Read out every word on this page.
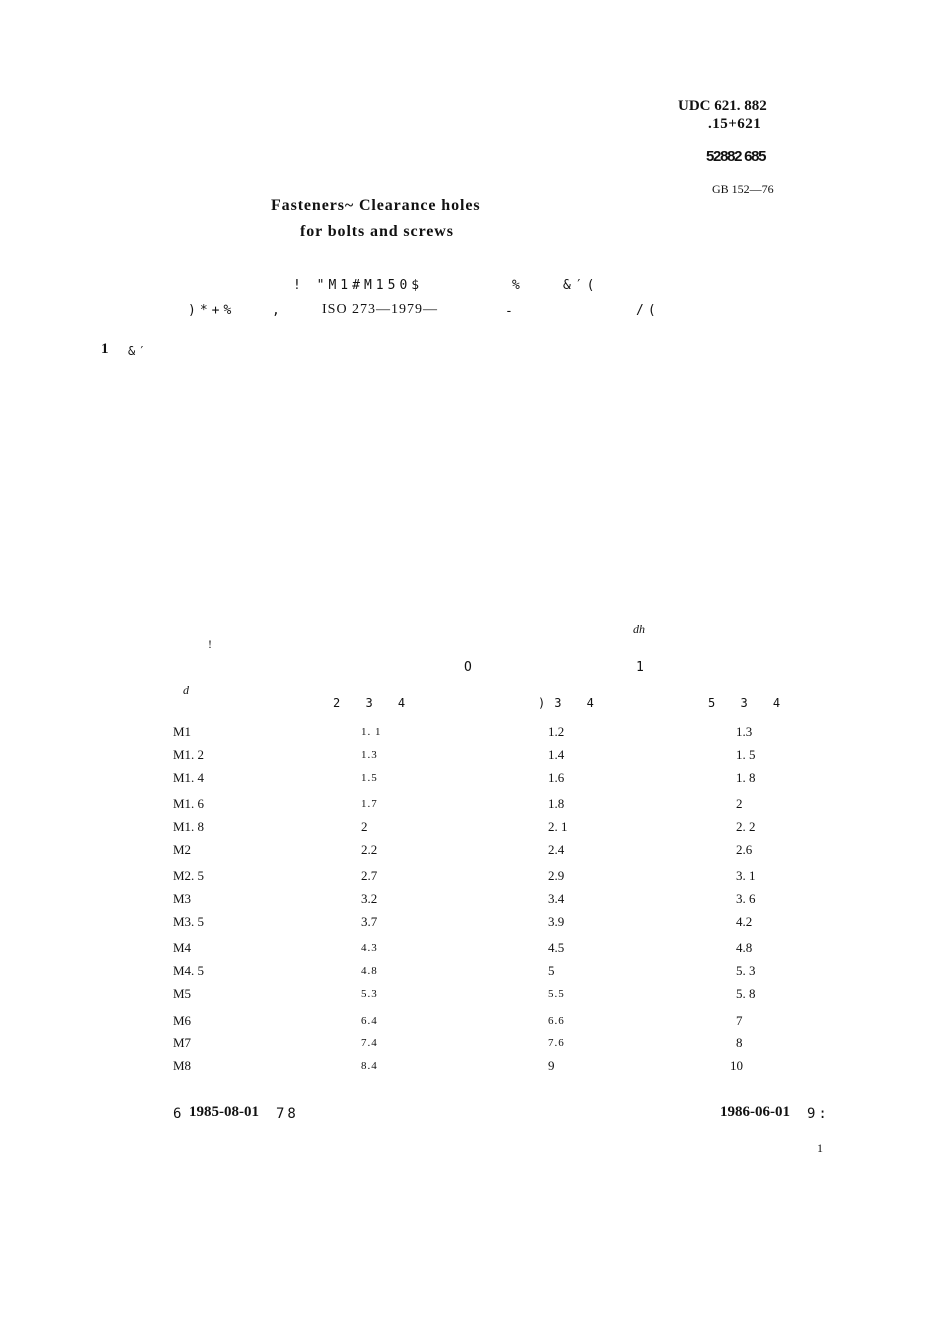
UDC 621. 882
.15+621
52882 685
GB 152—76
Fasteners~ Clearance holes
for bolts and screws
! "M1#M150$	%	&′(
)*+%	,	ISO 273—1979—	-	/(
1 &′
dh
!
O	1
d
2 3 4	)3 4	5 3 4
M1	1. 1	1.2	1.3
M1. 2	1.3	1.4	1. 5
M1. 4	1.5	1.6	1. 8
M1. 6	1.7	1.8	2
M1. 8	2	2. 1	2. 2
M2	2.2	2.4	2.6
M2. 5	2.7	2.9	3. 1
M3	3.2	3.4	3. 6
M3. 5	3.7	3.9	4.2
M4	4.3	4.5	4.8
M4. 5	4.8	5	5. 3
M5	5.3	5.5	5. 8
M6	6.4	6.6	7
M7	7.4	7.6	8
M8	8.4	9	10
6 1985-08-01 78	1986-06-01 9:
1
